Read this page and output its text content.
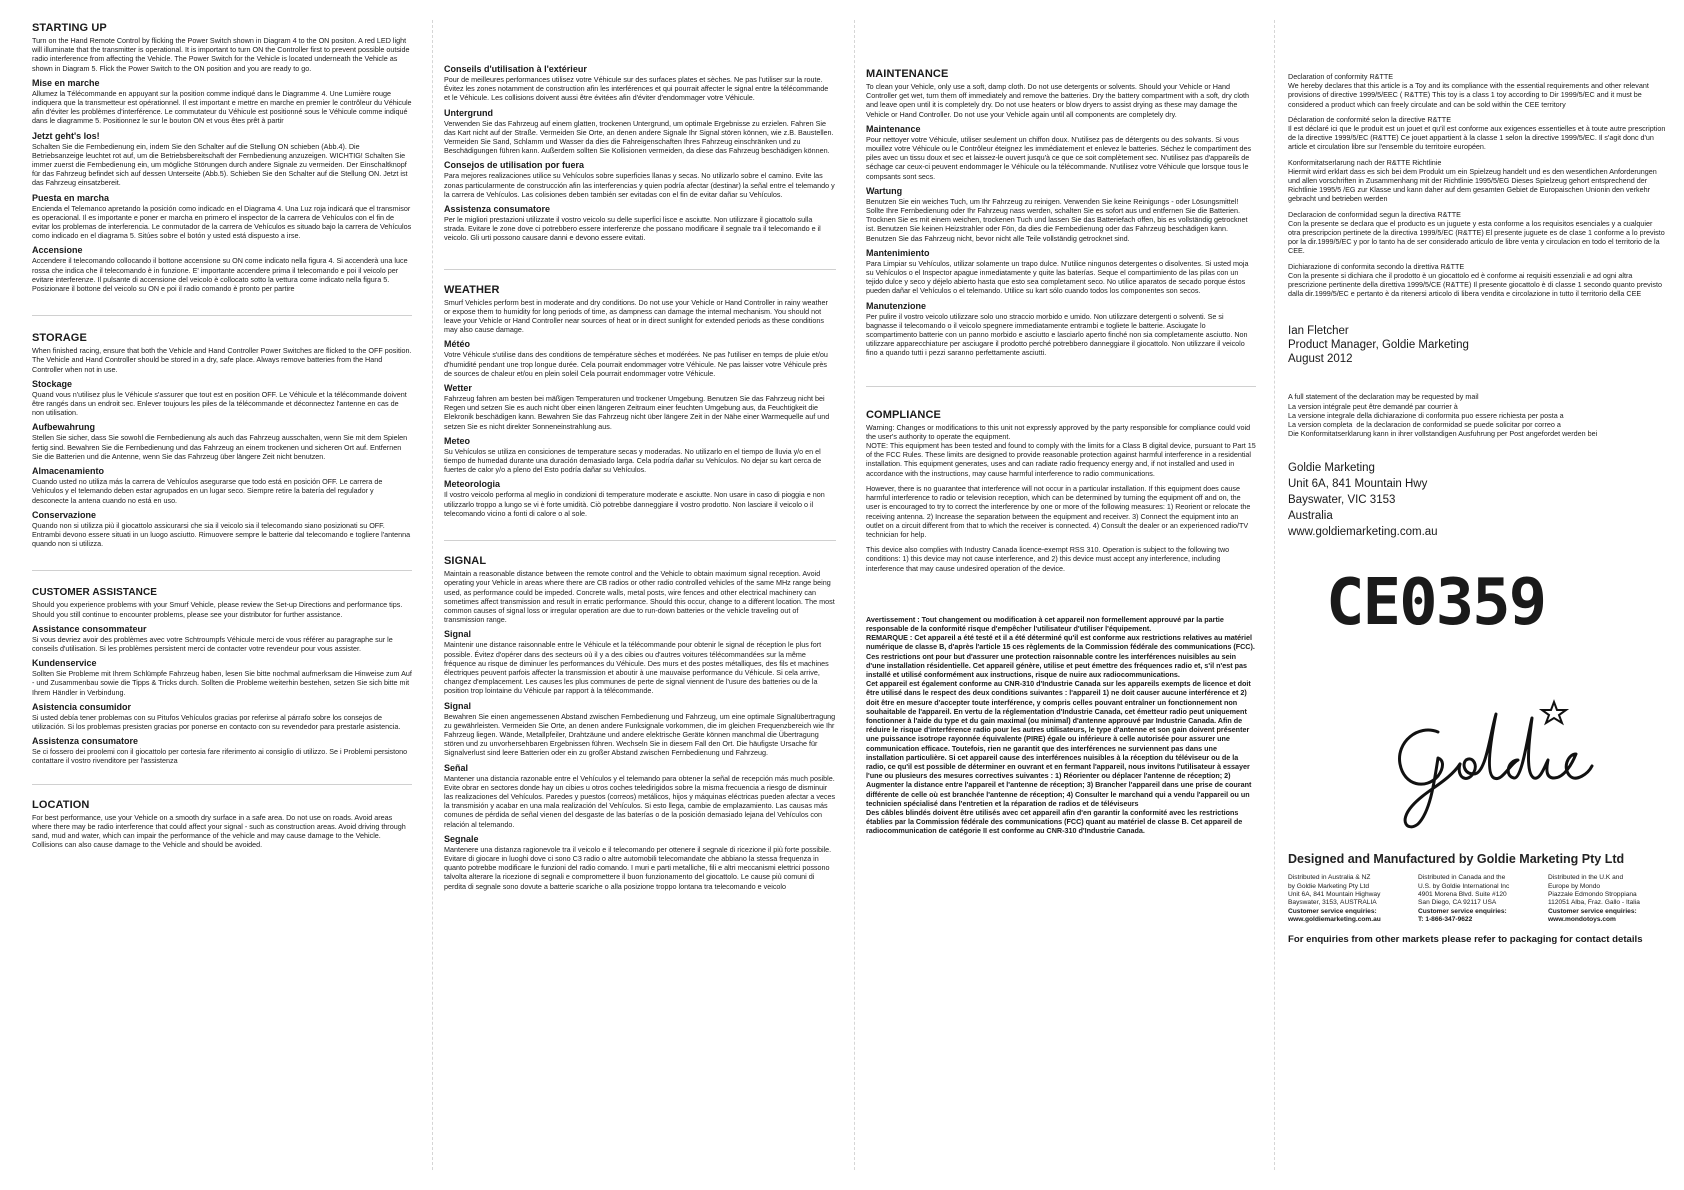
STARTING UP
Turn on the Hand Remote Control by flicking the Power Switch shown in Diagram 4 to the ON positon. A red LED light will illuminate that the transmitter is operational. It is important to turn ON the Controller first to prevent possible outside radio interference from affecting the Vehicle. The Power Switch for the Vehicle is located underneath the Vehicle as shown in Diagram 5. Flick the Power Switch to the ON position and you are ready to go.
Mise en marche
Allumez la Télécommande en appuyant sur la position comme indiqué dans le Diagramme 4. Une Lumière rouge indiquera que la transmetteur est opérationnel. Il est important e mettre en marche en premier le contrôleur du Véhicule afin d'éviter les problèmes d'interférence. Le commutateur du Véhicule est positionné sous le Véhicule comme indiqué dans le diagramme 5. Positionnez le sur le bouton ON et vous êtes prêt à partir
Jetzt geht's los!
Schalten Sie die Fernbedienung ein, indem Sie den Schalter auf die Stellung ON schieben (Abb.4). Die Betriebsanzeige leuchtet rot auf, um die Betriebsbereitschaft der Fernbedienung anzuzeigen. WICHTIG! Schalten Sie immer zuerst die Fernbedienung ein, um mögliche Störungen durch andere Signale zu vermeiden. Der Einschaltknopf für das Fahrzeug befindet sich auf dessen Unterseite (Abb.5). Schieben Sie den Schalter auf die Stellung ON. Jetzt ist das Fahrzeug einsatzbereit.
Puesta en marcha
Encienda el Telemanco apretando la posición como indicadc en el Diagrama 4. Una Luz roja indicará que el transmisor es operacional. Il es importante e poner er marcha en primero el inspector de la carrera de Vehículos con el fin de evitar los problemas de interferencia. Le conmutador de la carrera de Vehículos es situado bajo la carrera de Vehículos como indicado en el diagrama 5. Sitúes sobre el botón y usted está dispuesto a irse.
Accensione
Accendere il telecomando collocando il bottone accensione su ON come indicato nella figura 4. Si accenderà una luce rossa che indica che il telecomando è in funzione. E' importante accendere prima il telecomando e poi il veicolo per evitare interferenze. Il pulsante di accensione del veicolo è collocato sotto la vettura come indicato nella figura 5. Posizionare il bottone del veicolo su ON e poi il radio comando è pronto per partire
STORAGE
When finished racing, ensure that both the Vehicle and Hand Controller Power Switches are flicked to the OFF position. The Vehicle and Hand Controller should be stored in a dry, safe place. Always remove batteries from the Hand Controller when not in use.
Stockage
Quand vous n'utilisez plus le Véhicule s'assurer que tout est en position OFF. Le Véhicule et la télécommande doivent être rangés dans un endroit sec. Enlever toujours les piles de la télécommande et déconnectez l'antenne en cas de non utilisation.
Aufbewahrung
Stellen Sie sicher, dass Sie sowohl die Fernbedienung als auch das Fahrzeug ausschalten, wenn Sie mit dem Spielen fertig sind. Bewahren Sie die Fernbedienung und das Fahrzeug an einem trockenen und sicheren Ort auf. Entfernen Sie die Batterien und die Antenne, wenn Sie das Fahrzeug über längere Zeit nicht benutzen.
Almacenamiento
Cuando usted no utiliza más la carrera de Vehículos asegurarse que todo está en posición OFF. Le carrera de Vehículos y el telemando deben estar agrupados en un lugar seco. Siempre retire la batería del regulador y desconecte la antena cuando no está en uso.
Conservazione
Quando non si utilizza più il giocattolo assicurarsi che sia il veicolo sia il telecomando siano posizionati su OFF. Entrambi devono essere situati in un luogo asciutto. Rimuovere sempre le batterie dal telecomando e togliere l'antenna quando non si utilizza.
CUSTOMER ASSISTANCE
Should you experience problems with your Smurf Vehicle, please review the Set-up Directions and performance tips. Should you still continue to encounter problems, please see your distributor for further assistance.
Assistance consommateur
Si vous devriez avoir des problèmes avec votre Schtroumpfs Véhicule merci de vous référer au paragraphe sur le conseils d'utilisation. Si les problèmes persistent merci de contacter votre revendeur pour vous assister.
Kundenservice
Sollten Sie Probleme mit Ihrem Schlümpfe Fahrzeug haben, lesen Sie bitte nochmal aufmerksam die Hinweise zum Auf - und Zusammenbau sowie die Tipps & Tricks durch. Sollten die Probleme weiterhin bestehen, setzen Sie sich bitte mit Ihrem Händler in Verbindung.
Asistencia consumidor
Si usted debía tener problemas con su Pitufos Vehículos gracias por referirse al párrafo sobre los consejos de utilización. Si los problemas presisten gracias por ponerse en contacto con su revendedor para prestarle asistencia.
Assistenza consumatore
Se ci fossero dei proolemi con il giocattolo per cortesia fare riferimento ai consiglio di utilizzo. Se i Problemi persistono contattare il vostro rivenditore per l'assistenza
LOCATION
For best performance, use your Vehicle on a smooth dry surface in a safe area. Do not use on roads. Avoid areas where there may be radio interference that could affect your signal - such as construction areas. Avoid driving through sand, mud and water, which can impair the performance of the vehicle and may cause damage to the Vehicle. Collisions can also cause damage to the Vehicle and should be avoided.
Conseils d'utilisation à l'extérieur
Pour de meilleures performances utilisez votre Véhicule sur des surfaces plates et sèches. Ne pas l'utiliser sur la route. Évitez les zones notamment de construction afin les interférences et qui pourrait affecter le signal entre la télécommande et le Véhicule. Les collisions doivent aussi être évitées afin d'éviter d'endommager votre Véhicule.
Untergrund
Verwenden Sie das Fahrzeug auf einem glatten, trockenen Untergrund, um optimale Ergebnisse zu erzielen. Fahren Sie das Kart nicht auf der Straße. Vermeiden Sie Orte, an denen andere Signale Ihr Signal stören können, wie z.B. Baustellen. Vermeiden Sie Sand, Schlamm und Wasser da dies die Fahreigenschaften Ihres Fahrzeug einschränken und zu Beschädigungen führen kann. Außerdem sollten Sie Kollisionen vermeiden, da diese das Fahrzeug beschädigen können.
Consejos de utilisation por fuera
Para mejores realizaciones utilice su Vehículos sobre superficies llanas y secas. No utilizarlo sobre el camino. Evite las zonas particularmente de construcción afin las interferencias y quien podría afectar (destinar) la señal entre el telemando y la carrera de Vehículos. Las colisiones deben también ser evitadas con el fin de evitar dañar su Vehículos.
Assistenza consumatore
Per le migliori prestazioni utilizzate il vostro veicolo su delle superfici lisce e asciutte. Non utilizzare il giocattolo sulla strada. Evitare le zone dove ci potrebbero essere interferenze che possano modificare il segnale tra il telecomando e il veicolo. Gli urti possono causare danni e devono essere evitati.
WEATHER
Smurf Vehicles perform best in moderate and dry conditions. Do not use your Vehicle or Hand Controller in rainy weather or expose them to humidity for long periods of time, as dampness can damage the internal mechanism. You should not leave your Vehicle or Hand Controller near sources of heat or in direct sunlight for extended periods as these conditions may also cause damage.
Météo
Votre Véhicule s'utilise dans des conditions de température sèches et modérées. Ne pas l'utiliser en temps de pluie et/ou d'humidité pendant une trop longue durée. Cela pourrait endommager votre Véhicule. Ne pas laisser votre Véhicule près de sources de chaleur et/ou en plein soleil Cela pourrait endommager votre Véhicule.
Wetter
Fahrzeug fahren am besten bei mäßigen Temperaturen und trockener Umgebung. Benutzen Sie das Fahrzeug nicht bei Regen und setzen Sie es auch nicht über einen längeren Zeitraum einer feuchten Umgebung aus, da Feuchtigkeit die Elekronik beschädigen kann. Bewahren Sie das Fahrzeug nicht über längere Zeit in der Nähe einer Warmequelle auf und setzen Sie es nicht direkter Sonneneinstrahlung aus.
Meteo
Su Vehículos se utiliza en consiciones de temperature secas y moderadas. No utilizarlo en el tiempo de lluvia y/o en el tiempo de humedad durante una duración demasiado larga. Cela podría dañar su Vehículos. No dejar su kart cerca de fuertes de calor y/o a pleno del Esto podría dañar su Vehículos.
Meteorologia
Il vostro veicolo performa al meglio in condizioni di temperature moderate e asciutte. Non usare in caso di pioggia e non utilizzarlo troppo a lungo se vi è forte umidità. Ciò potrebbe danneggiare il vostro prodotto. Non lasciare il veicolo o il telecomando vicino a fonti di calore o al sole.
SIGNAL
Maintain a reasonable distance between the remote control and the Vehicle to obtain maximum signal reception. Avoid operating your Vehicle in areas where there are CB radios or other radio controlled vehicles of the same MHz range being used, as performance could be impeded. Concrete walls, metal posts, wire fences and other electrical machinery can sometimes affect transmission and result in erratic performance. Should this occur, change to a different location. The most common causes of signal loss or irregular operation are due to run-down batteries or the vehicle traveling out of transmission range.
Signal
Maintenir une distance raisonnable entre le Véhicule et la télécommande pour obtenir le signal de réception le plus fort possible. Évitez d'opérer dans des secteurs où il y a des cibies ou d'autres voitures télécommandées sur la même fréquence au risque de diminuer les performances du Véhicule. Des murs et des postes métalliques, des fils et machines électriques peuvent parfois affecter la transmission et aboutir à une mauvaise performance du Véhicule. Si cela arrive, changez d'emplacement. Les causes les plus communes de perte de signal viennent de l'usure des batteries ou de la position trop lointaine du Véhicule par rapport à la télécommande.
Signal
Bewahren Sie einen angemessenen Abstand zwischen Fernbedienung und Fahrzeug, um eine optimale Signalübertragung zu gewährleisten. Vermeiden Sie Orte, an denen andere Funksignale vorkommen, die im gleichen Frequenzbereich wie Ihr Fahrzeug liegen. Wände, Metallpfeiler, Drahtzäune und andere elektrische Geräte können manchmal die Übertragung stören und zu unvorhersehbaren Ergebnissen führen. Wechseln Sie in diesem Fall den Ort. Die häufigste Ursache für Signalverlust sind leere Batterien oder ein zu großer Abstand zwischen Fernbedienung und Fahrzeug.
Señal
Mantener una distancia razonable entre el Vehículos y el telemando para obtener la señal de recepción más much posible. Evite obrar en sectores donde hay un cibies u otros coches teledirigidos sobre la misma frecuencia a riesgo de disminuir las realizaciones del Vehículos. Paredes y puestos (correos) metálicos, hijos y máquinas eléctricas pueden afectar a veces la transmisión y acabar en una mala realización del Vehículos. Si esto llega, cambie de emplazamiento. Las causas más comunes de pérdida de señal vienen del desgaste de las baterías o de la posición demasiado lejana del Vehículos con relación al telemando.
Segnale
Mantenere una distanza ragionevole tra il veicolo e il telecomando per ottenere il segnale di ricezione il più forte possibile. Evitare di giocare in luoghi dove ci sono C3 radio o altre automobili telecomandate che abbiano la stessa frequenza in quanto potrebbe modificare le funzioni del radio comando. I muri e parti metalliche, fili e altri meccanismi elettrici possono talvolta alterare la ricezione di segnali e compromettere il buon funzionamento del giocattolo. Le cause più comuni di perdita di segnale sono dovute a batterie scariche o alla posizione troppo lontana tra telecomando e veicolo
MAINTENANCE
To clean your Vehicle, only use a soft, damp cloth. Do not use detergents or solvents. Should your Vehicle or Hand Controller get wet, turn them off immediately and remove the batteries. Dry the battery compartment with a soft, dry cloth and leave open until it is completely dry. Do not use heaters or blow dryers to assist drying as these may damage the Vehicle or Hand Controller. Do not use your Vehicle again until all components are completely dry.
Maintenance
Pour nettoyer votre Véhicule, utiliser seulement un chiffon doux. N'utilisez pas de détergents ou des solvants. Si vous mouillez votre Véhicule ou le Contrôleur éteignez les immédiatement et enlevez le batteries. Séchez le compartiment des piles avec un tissu doux et sec et laissez-le ouvert jusqu'à ce que ce soit complètement sec. N'utilisez pas d'appareils de séchage car ceux-ci peuvent endommager le Véhicule ou la télécommande. N'utilisez votre Véhicule que lorsque tous le compsants sont secs.
Wartung
Benutzen Sie ein weiches Tuch, um Ihr Fahrzeug zu reinigen. Verwenden Sie keine Reinigungs - oder Lösungsmittel! Sollte Ihre Fernbedienung oder Ihr Fahrzeug nass werden, schalten Sie es sofort aus und entfernen Sie die Batterien. Trocknen Sie es mit einem weichen, trockenen Tuch und lassen Sie das Batteriefach offen, bis es vollständig getrocknet ist. Benutzen Sie keinen Heizstrahler oder Fön, da dies die Fernbedienung oder das Fahrzeug beschädigen kann. Benutzen Sie das Fahrzeug nicht, bevor nicht alle Teile vollständig getrocknet sind.
Mantenimiento
Para Limpiar su Vehículos, utilizar solamente un trapo dulce. N'utilice ningunos detergentes o disolventes. Si usted moja su Vehículos o el Inspector apague inmediatamente y quite las baterías. Seque el compartimiento de las pilas con un tejido dulce y seco y déjelo abierto hasta que esto sea completament seco. No utilice aparatos de secado porque éstos pueden dañar el Vehículos o el telemando. Utilice su kart sólo cuando todos los componentes son secos.
Manutenzione
Per pulire il vostro veicolo utilizzare solo uno straccio morbido e umido. Non utilizzare detergenti o solventi. Se si bagnasse il telecomando o il veicolo spegnere immediatamente entrambi e togliete le batterie. Asciugate lo scompartimento batterie con un panno morbido e asciutto e lasciarlo aperto finché non sia completamente asciutto. Non utilizzare apparecchiature per asciugare il prodotto perché potrebbero danneggiare il giocattolo. Non utilizzare il veicolo fino a quando tutti i pezzi saranno perfettamente asciutti.
COMPLIANCE
Warning: Changes or modifications to this unit not expressly approved by the party responsible for compliance could void the user's authority to operate the equipment.
NOTE: This equipment has been tested and found to comply with the limits for a Class B digital device, pursuant to Part 15 of the FCC Rules. These limits are designed to provide reasonable protection against harmful interference in a residential installation. This equipment generates, uses and can radiate radio frequency energy and, if not installed and used in accordance with the instructions, may cause harmful interference to radio communications.
However, there is no guarantee that interference will not occur in a particular installation. If this equipment does cause harmful interference to radio or television reception, which can be determined by turning the equipment off and on, the user is encouraged to try to correct the interference by one or more of the following measures: 1) Reorient or relocate the receiving antenna. 2) Increase the separation between the equipment and receiver. 3) Connect the equipment into an outlet on a circuit different from that to which the receiver is connected. 4) Consult the dealer or an experienced radio/TV technician for help.
This device also complies with Industry Canada licence-exempt RSS 310. Operation is subject to the following two conditions: 1) this device may not cause interference, and 2) this device must accept any interference, including interference that may cause undesired operation of the device.
Avertissement : Tout changement ou modification à cet appareil non formellement approuvé par la partie responsable de la conformité risque d'empêcher l'utilisateur d'utiliser l'équipement.
REMARQUE : Cet appareil a été testé et il a été déterminé qu'il est conforme aux restrictions relatives au matériel numérique de classe B, d'après l'article 15 ces règlements de la Commission fédérale des communications (FCC). Ces restrictions ont pour but d'assurer une protection raisonnable contre les interférences nuisibles au sein d'une installation résidentielle. Cet appareil génère, utilise et peut émettre des fréquences radio et, s'il n'est pas installé et utilisé conformément aux instructions, risque de nuire aux radiocommunications.
Cet appareil est également conforme au CNR-310 d'Industrie Canada sur les appareils exempts de licence et doit être utilisé dans le respect des deux conditions suivantes : l'appareil 1) ne doit causer aucune interférence et 2) doit être en mesure d'accepter toute interférence, y compris celles pouvant entraîner un fonctionnement non souhaitable de l'appareil. En vertu de la réglementation d'Industrie Canada, cet émetteur radio peut uniquement fonctionner à l'aide du type et du gain maximal (ou minimal) d'antenne approuvé par Industrie Canada. Afin de réduire le risque d'interférence radio pour les autres utilisateurs, le type d'antenne et son gain doivent présenter une puissance isotrope rayonnée équivalente (PIRE) égale ou inférieure à celle autorisée pour assurer une communication efficace. Toutefois, rien ne garantit que des interférences ne surviennent pas dans une installation particulière. Si cet appareil cause des interférences nuisibles à la réception du téléviseur ou de la radio, ce qu'il est possible de déterminer en ouvrant et en fermant l'appareil, nous invitons l'utilisateur à essayer l'une ou plusieurs des mesures correctives suivantes : 1) Réorienter ou déplacer l'antenne de réception; 2) Augmenter la distance entre l'appareil et l'antenne de réception; 3) Brancher l'appareil dans une prise de courant différente de celle où est branchée l'antenne de réception; 4) Consulter le marchand qui a vendu l'appareil ou un technicien spécialisé dans l'entretien et la réparation de radios et de téléviseurs
Des câbles blindés doivent être utilisés avec cet appareil afin d'en garantir la conformité avec les restrictions établies par la Commission fédérale des communications (FCC) quant au matériel de classe B. Cet appareil de radiocommunication de catégorie II est conforme au CNR-310 d'Industrie Canada.
Declaration of conformity R&TTE
We hereby declares that this article is a Toy and its compliance with the essential requirements and other relevant provisions of directive 1999/5/EEC ( R&TTE) This toy is a class 1 toy according to Dir 1999/5/EC and it must be considered a product which can freely circulate and can be sold within the CEE territory
Déclaration de conformité selon la directive R&TTE
Il est déclaré ici que le produit est un jouet et qu'il est conforme aux exigences essentielles et à toute autre prescription de la directive 1999/5/EC (R&TTE) Ce jouet appartient à la classe 1 selon la directive 1999/5/EC. Il s'agit donc d'un article et circulation libre sur l'ensemble du territoire européen.
Konformitatserlarung nach der R&TTE Richtlinie
Hiermit wird erklart dass es sich bei dem Produkt um ein Spielzeug handelt und es den wesentlichen Anforderungen und allen vorschriften in Zusammenhang mit der Richtlinie 1995/5/EG Dieses Spielzeug gehort entsprechend der Richtlinie 1995/5 /EG zur Klasse und kann daher auf dem gesamten Gebiet de Europaischen Unionin den verkehr gebracht und betrieben werden
Declaracion de conformidad segun la directiva R&TTE
Con la presente se declara que el producto es un juguete y esta conforme a los requisitos esenciales y a cualquier otra prescripcion pertinete de la directiva 1999/5/EC (R&TTE) El presente juguete es de clase 1 conforme a lo previsto por la dir.1999/5/EC y por lo tanto ha de ser considerado articulo de libre venta y circulacion en todo el territorio de la CEE.
Dichiarazione di conformita secondo la direttiva R&TTE
Con la presente si dichiara che il prodotto è un giocattolo ed è conforme ai requisiti essenziali e ad ogni altra prescrizione pertinente della direttiva 1999/5/CE (R&TTE) Il presente giocattolo è di classe 1 secondo quanto previsto dalla dir.1999/5/EC e pertanto è da ritenersi articolo di libera vendita e circolazione in tutto il territorio della CEE
Ian Fletcher
Product Manager, Goldie Marketing
August 2012
A full statement of the declaration may be requested by mail
La version intégrale peut être demandé par courrier à
La versione integrale della dichiarazione di conformita puo essere richiesta per posta a
La version completa  de la declaracion de conformidad se puede solicitar por correo a
Die Konformitatserklarung kann in ihrer vollstandigen Ausfuhrung per Post angefordet werden bei
Goldie Marketing
Unit 6A, 841 Mountain Hwy
Bayswater, VIC 3153
Australia
www.goldiemarketing.com.au
CE0359
Designed and Manufactured by Goldie Marketing Pty Ltd
Distributed in Australia & NZ
by Goldie Marketing Pty Ltd
Unit 6A, 841 Mountain Highway
Bayswater, 3153, AUSTRALIA
Customer service enquiries:
www.goldiemarketing.com.au
Distributed in Canada and the
U.S. by Goldie International Inc
4901 Morena Blvd. Suite #120
San Diego, CA 92117 USA
Customer service enquiries:
T: 1-866-347-9622
Distributed in the U.K and
Europe by Mondo
Piazzale Edmondo Stroppiana
112051 Alba, Fraz. Gallo - Italia
Customer service enquiries:
www.mondotoys.com
For enquiries from other markets please refer to packaging for contact details
